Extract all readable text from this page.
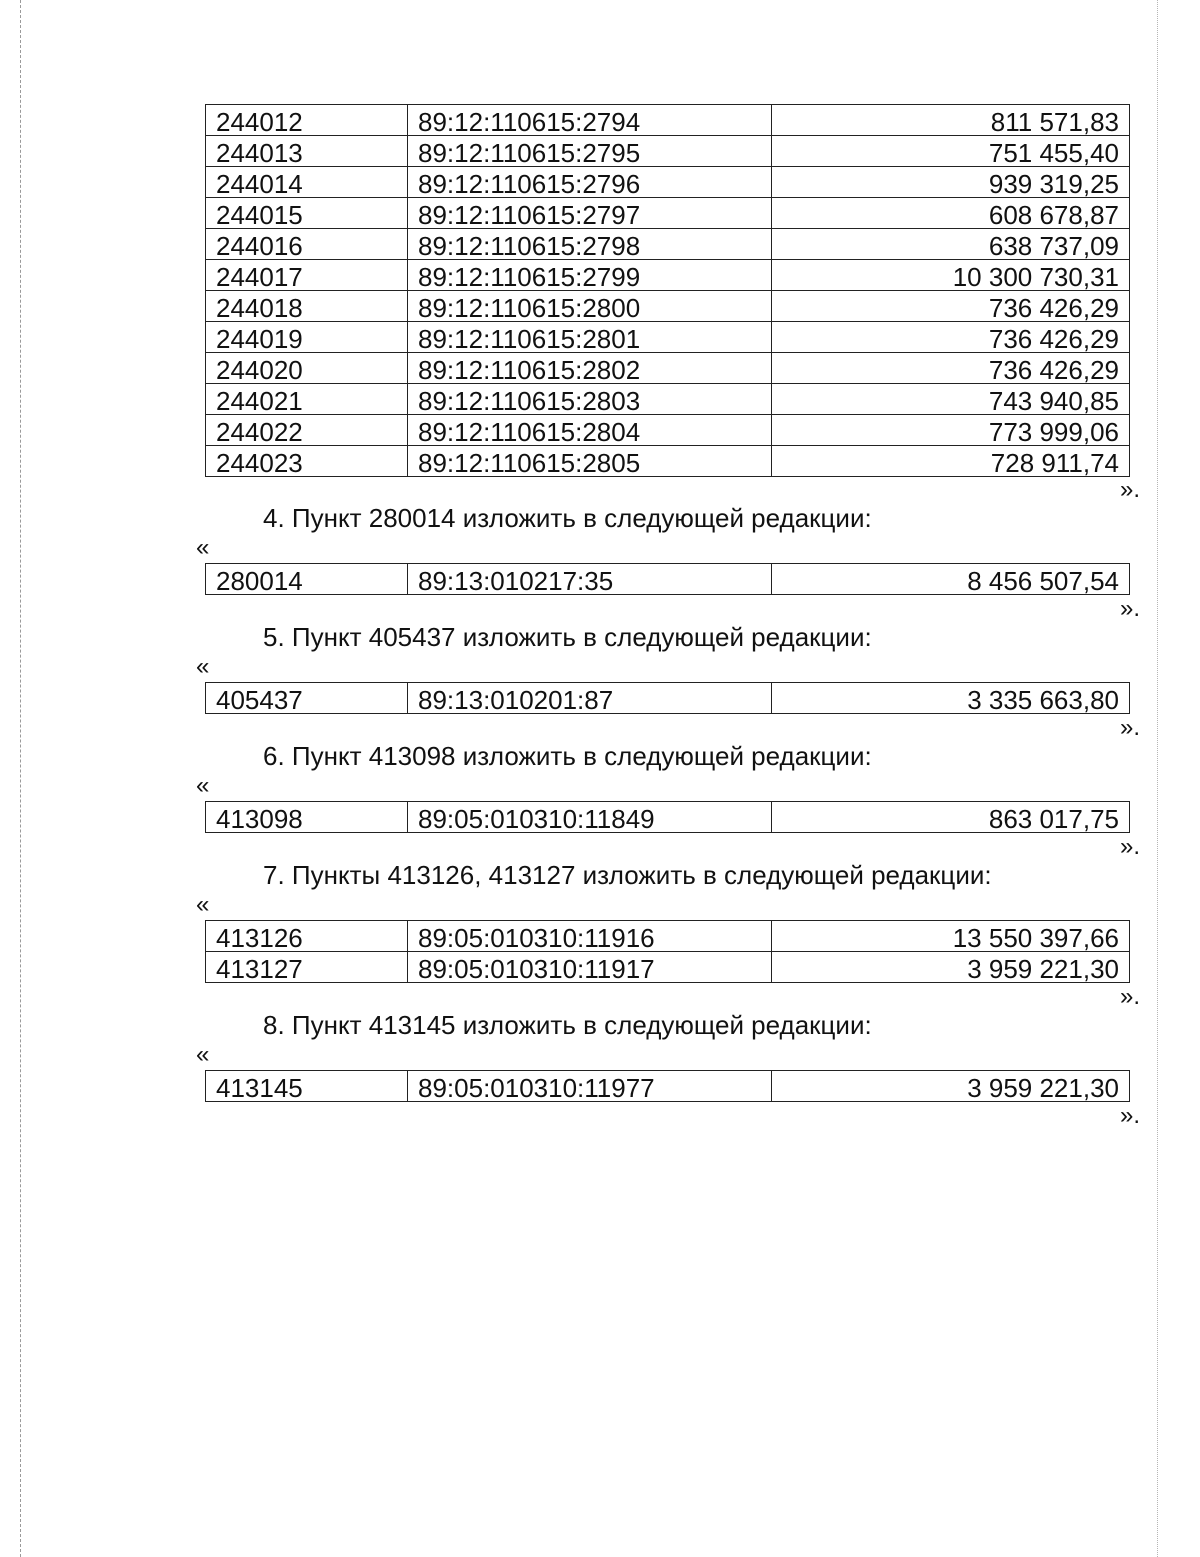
244012	89:12:110615:2794	811 571,83
244013	89:12:110615:2795	751 455,40
244014	89:12:110615:2796	939 319,25
244015	89:12:110615:2797	608 678,87
244016	89:12:110615:2798	638 737,09
244017	89:12:110615:2799	10 300 730,31
244018	89:12:110615:2800	736 426,29
244019	89:12:110615:2801	736 426,29
244020	89:12:110615:2802	736 426,29
244021	89:12:110615:2803	743 940,85
244022	89:12:110615:2804	773 999,06
244023	89:12:110615:2805	728 911,74
».
4. Пункт 280014 изложить в следующей редакции:
«
280014	89:13:010217:35	8 456 507,54
».
5. Пункт 405437 изложить в следующей редакции:
«
405437	89:13:010201:87	3 335 663,80
».
6. Пункт 413098 изложить в следующей редакции:
«
413098	89:05:010310:11849	863 017,75
».
7. Пункты 413126, 413127 изложить в следующей редакции:
«
413126	89:05:010310:11916	13 550 397,66
413127	89:05:010310:11917	3 959 221,30
».
8. Пункт 413145 изложить в следующей редакции:
«
413145	89:05:010310:11977	3 959 221,30
».
